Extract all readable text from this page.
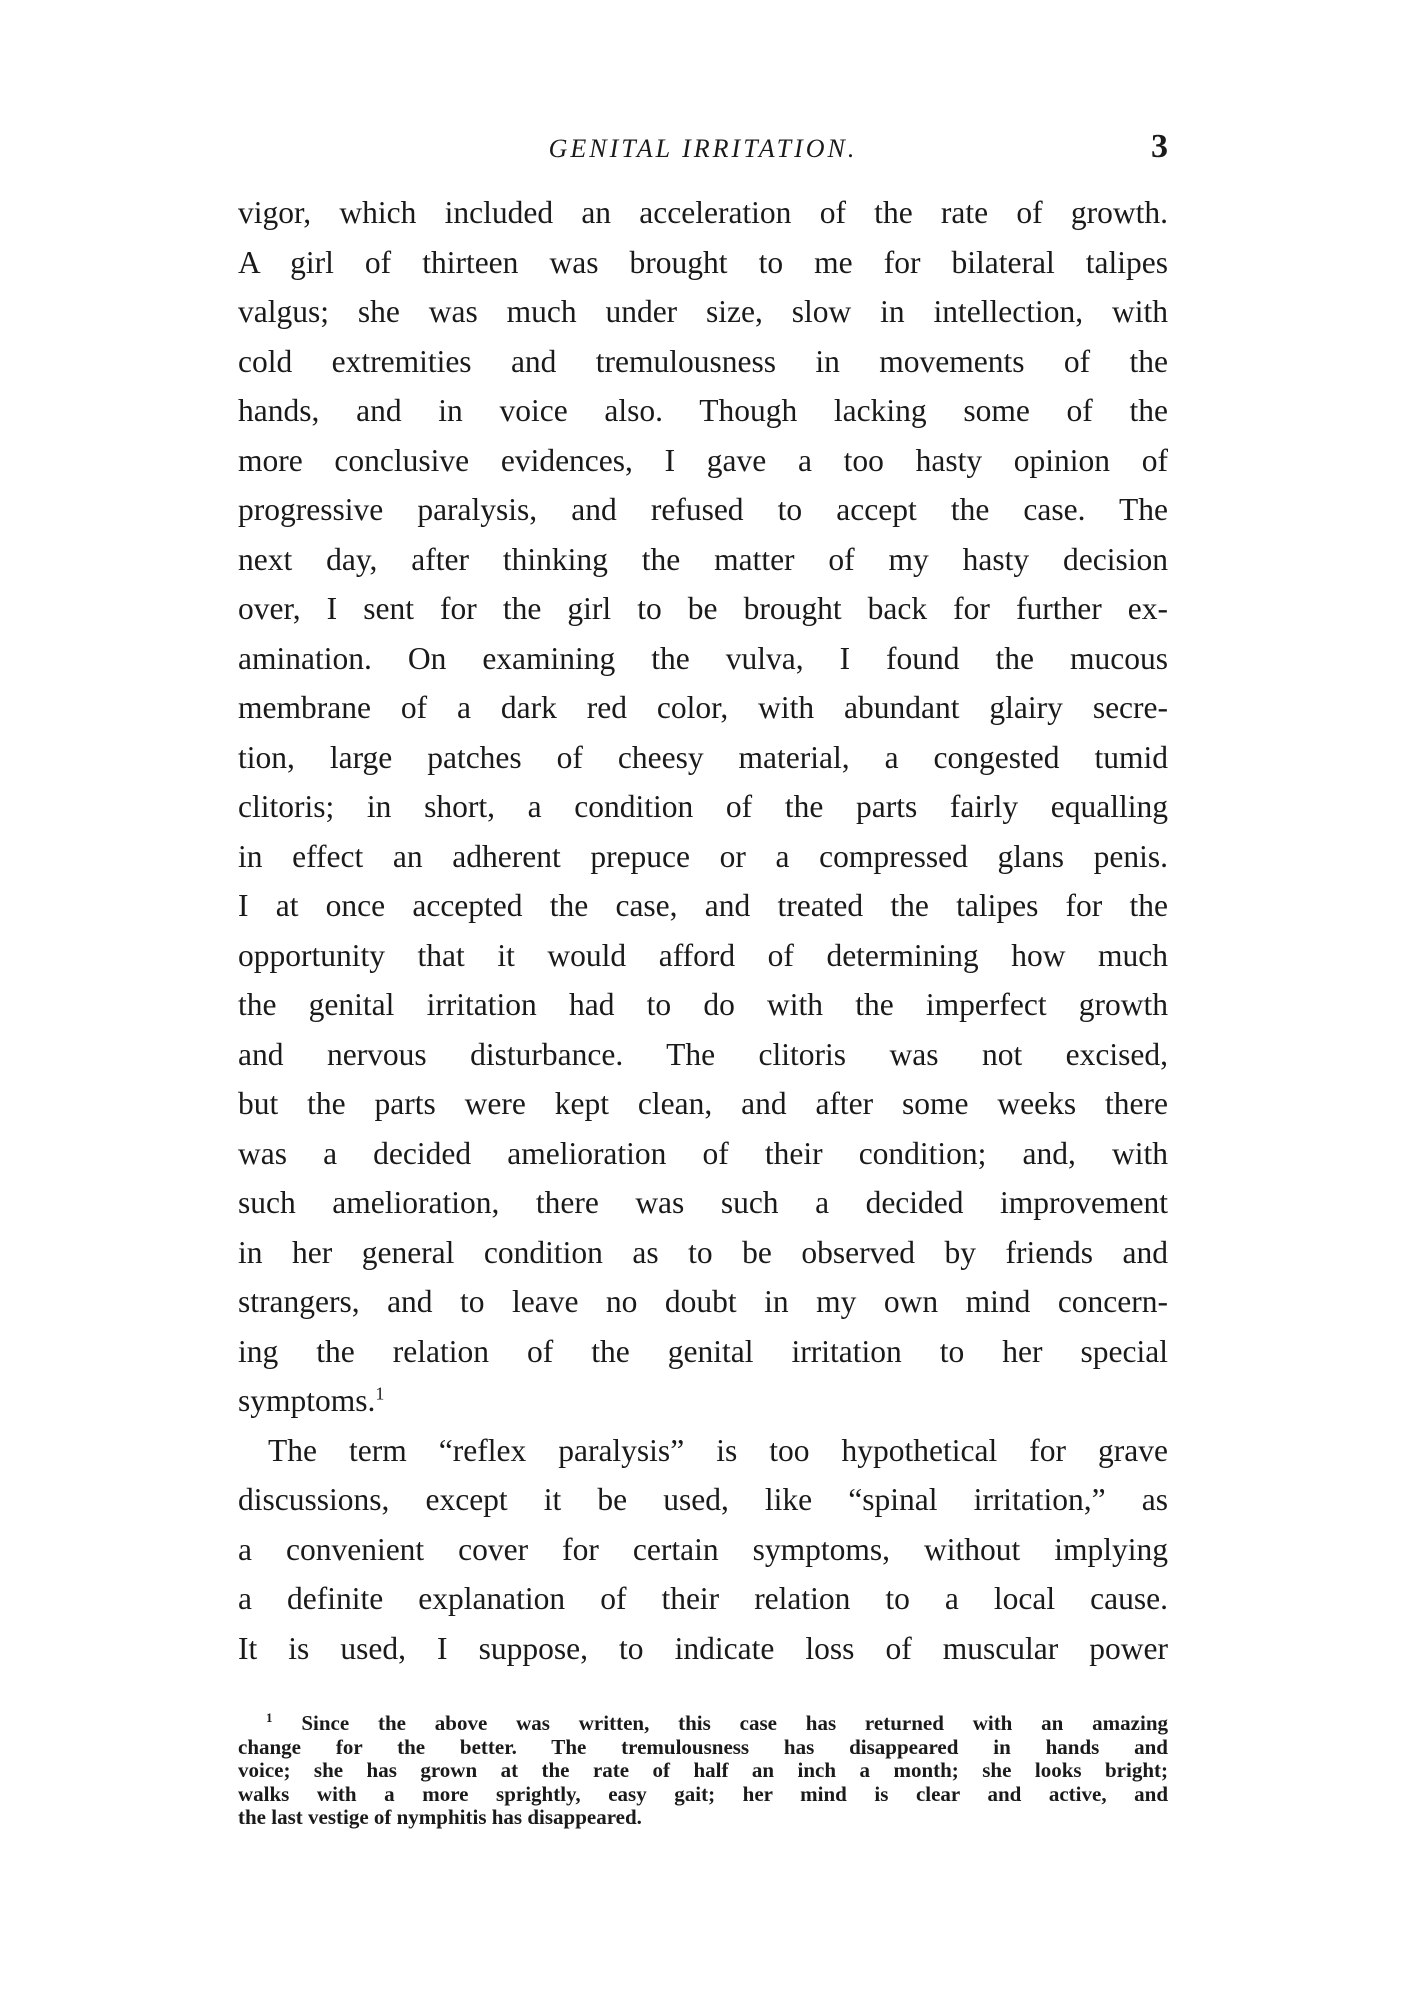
GENITAL IRRITATION.	3
vigor, which included an acceleration of the rate of growth.
A girl of thirteen was brought to me for bilateral talipes
valgus; she was much under size, slow in intellection, with
cold extremities and tremulousness in movements of the
hands, and in voice also. Though lacking some of the
more conclusive evidences, I gave a too hasty opinion of
progressive paralysis, and refused to accept the case. The
next day, after thinking the matter of my hasty decision
over, I sent for the girl to be brought back for further ex-
amination. On examining the vulva, I found the mucous
membrane of a dark red color, with abundant glairy secre-
tion, large patches of cheesy material, a congested tumid
clitoris; in short, a condition of the parts fairly equalling
in effect an adherent prepuce or a compressed glans penis.
I at once accepted the case, and treated the talipes for the
opportunity that it would afford of determining how much
the genital irritation had to do with the imperfect growth
and nervous disturbance. The clitoris was not excised,
but the parts were kept clean, and after some weeks there
was a decided amelioration of their condition; and, with
such amelioration, there was such a decided improvement
in her general condition as to be observed by friends and
strangers, and to leave no doubt in my own mind concern-
ing the relation of the genital irritation to her special
symptoms.$^1$
The term “reflex paralysis” is too hypothetical for grave
discussions, except it be used, like “spinal irritation,” as
a convenient cover for certain symptoms, without implying
a definite explanation of their relation to a local cause.
It is used, I suppose, to indicate loss of muscular power
$^1$ Since the above was written, this case has returned with an amazing
change for the better. The tremulousness has disappeared in hands and
voice; she has grown at the rate of half an inch a month; she looks bright;
walks with a more sprightly, easy gait; her mind is clear and active, and
the last vestige of nymphitis has disappeared.
